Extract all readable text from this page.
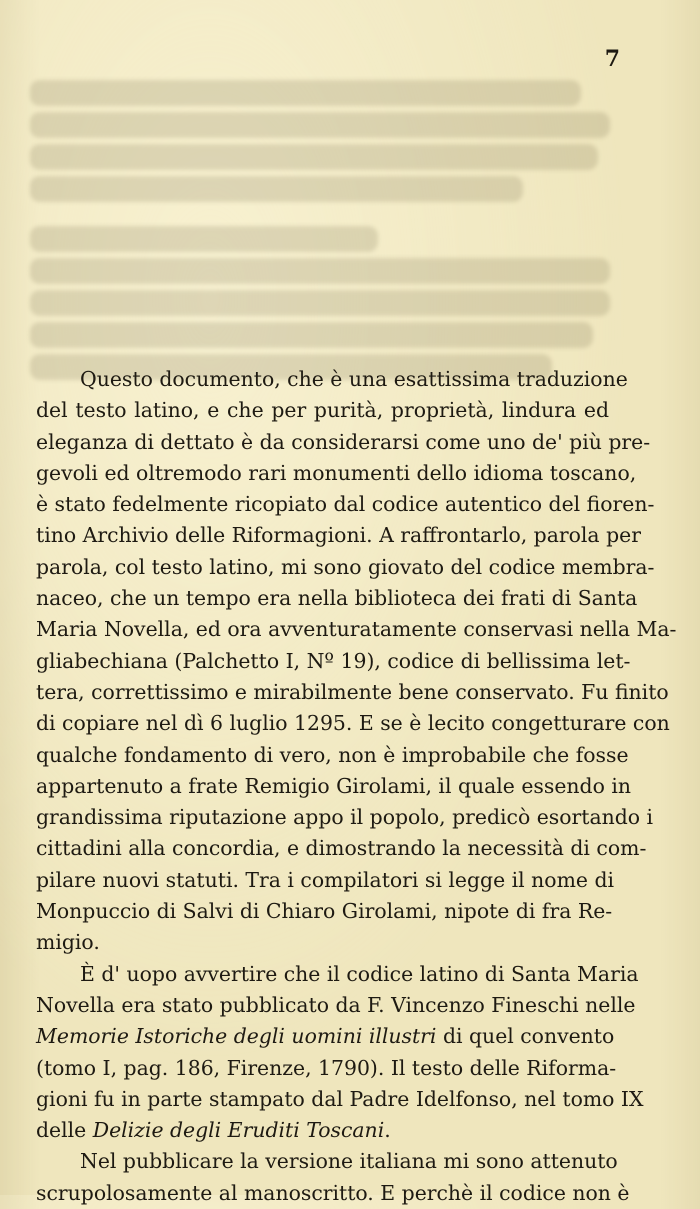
7
Questo documento, che è una esattissima traduzione
del testo latino, e che per purità, proprietà, lindura ed
eleganza di dettato è da considerarsi come uno de' più pre-
gevoli ed oltremodo rari monumenti dello idioma toscano,
è stato fedelmente ricopiato dal codice autentico del fioren-
tino Archivio delle Riformagioni. A raffrontarlo, parola per
parola, col testo latino, mi sono giovato del codice membra-
naceo, che un tempo era nella biblioteca dei frati di Santa
Maria Novella, ed ora avventuratamente conservasi nella Ma-
gliabechiana (Palchetto I, Nº 19), codice di bellissima let-
tera, correttissimo e mirabilmente bene conservato. Fu finito
di copiare nel dì 6 luglio 1295. E se è lecito congetturare con
qualche fondamento di vero, non è improbabile che fosse
appartenuto a frate Remigio Girolami, il quale essendo in
grandissima riputazione appo il popolo, predicò esortando i
cittadini alla concordia, e dimostrando la necessità di com-
pilare nuovi statuti. Tra i compilatori si legge il nome di
Monpuccio di Salvi di Chiaro Girolami, nipote di fra Re-
migio.
È d' uopo avvertire che il codice latino di Santa Maria
Novella era stato pubblicato da F. Vincenzo Fineschi nelle
Memorie Istoriche degli uomini illustri di quel convento
(tomo I, pag. 186, Firenze, 1790). Il testo delle Riforma-
gioni fu in parte stampato dal Padre Idelfonso, nel tomo IX
delle Delizie degli Eruditi Toscani.
Nel pubblicare la versione italiana mi sono attenuto
scrupolosamente al manoscritto. E perchè il codice non è
